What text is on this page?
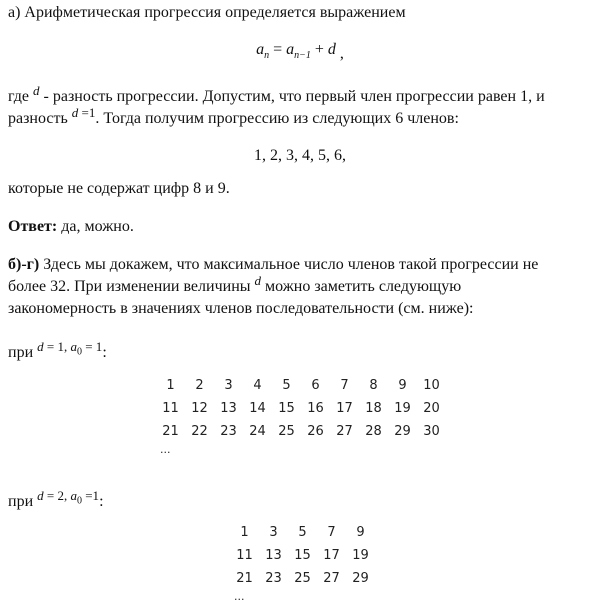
а) Арифметическая прогрессия определяется выражением
$a_n = a_{n-1} + d$ ,
где $^d$ - разность прогрессии. Допустим, что первый член прогрессии равен 1, и
разность $^{d =1}$. Тогда получим прогрессию из следующих 6 членов:
1, 2, 3, 4, 5, 6,
которые не содержат цифр 8 и 9.
Ответ: да, можно.
б)-г) Здесь мы докажем, что максимальное число членов такой прогрессии не
более 32. При изменении величины $^d$ можно заметить следующую
закономерность в значениях членов последовательности (см. ниже):
при $^{d = 1, a_0 = 1}$:
1	2	3	4	5	6	7	8	9	10
11 12 13 14 15 16 17 18 19 20
21 22 23 24 25 26 27 28 29 30
...
при $^{d = 2, a_0 =1}$:
1	3	5	7	9
11 13 15 17 19
21 23 25 27 29
...
